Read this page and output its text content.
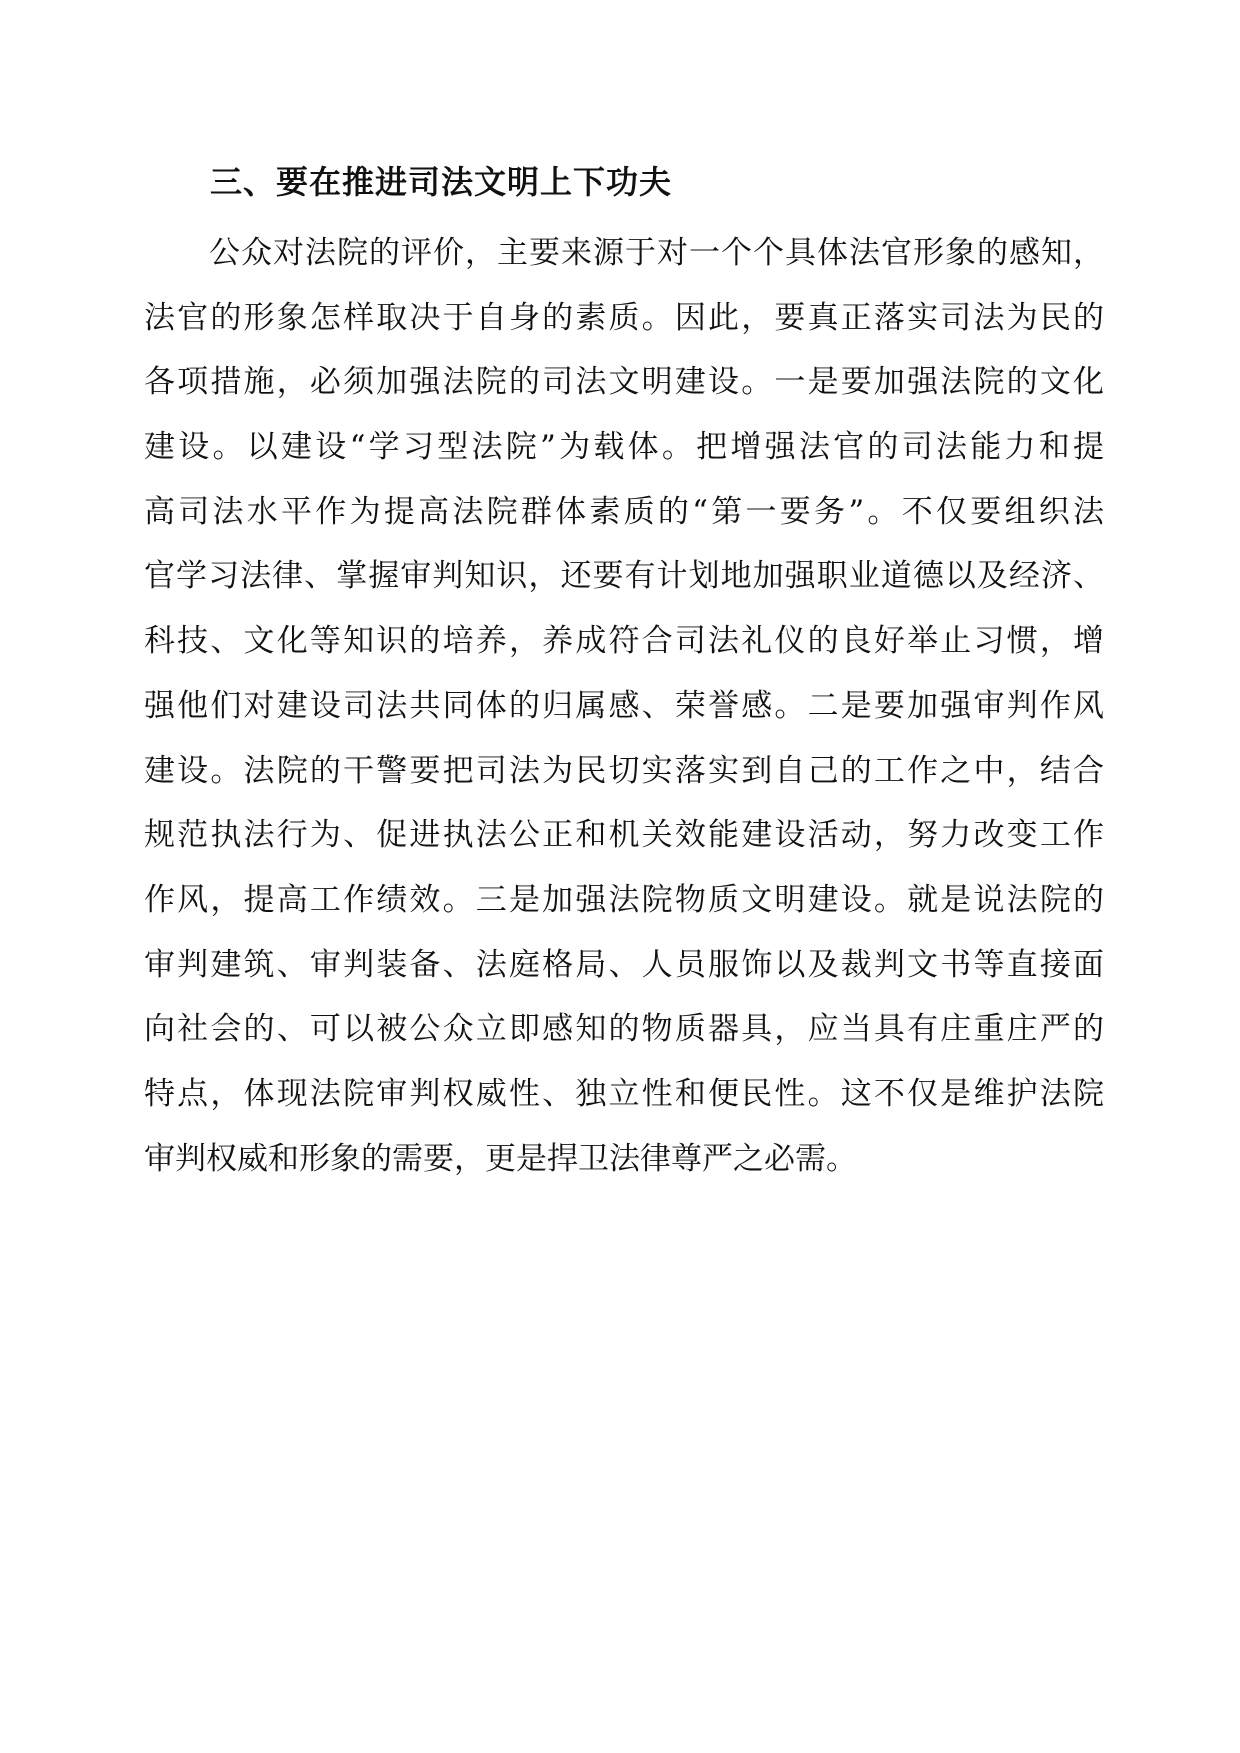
三、要在推进司法文明上下功夫
公众对法院的评价，主要来源于对一个个具体法官形象的感知，
法官的形象怎样取决于自身的素质。因此，要真正落实司法为民的
各项措施，必须加强法院的司法文明建设。一是要加强法院的文化
建设。以建设“学习型法院”为载体。把增强法官的司法能力和提
高司法水平作为提高法院群体素质的“第一要务”。不仅要组织法
官学习法律、掌握审判知识，还要有计划地加强职业道德以及经济、
科技、文化等知识的培养，养成符合司法礼仪的良好举止习惯，增
强他们对建设司法共同体的归属感、荣誉感。二是要加强审判作风
建设。法院的干警要把司法为民切实落实到自己的工作之中，结合
规范执法行为、促进执法公正和机关效能建设活动，努力改变工作
作风，提高工作绩效。三是加强法院物质文明建设。就是说法院的
审判建筑、审判装备、法庭格局、人员服饰以及裁判文书等直接面
向社会的、可以被公众立即感知的物质器具，应当具有庄重庄严的
特点，体现法院审判权威性、独立性和便民性。这不仅是维护法院
审判权威和形象的需要，更是捍卫法律尊严之必需。
